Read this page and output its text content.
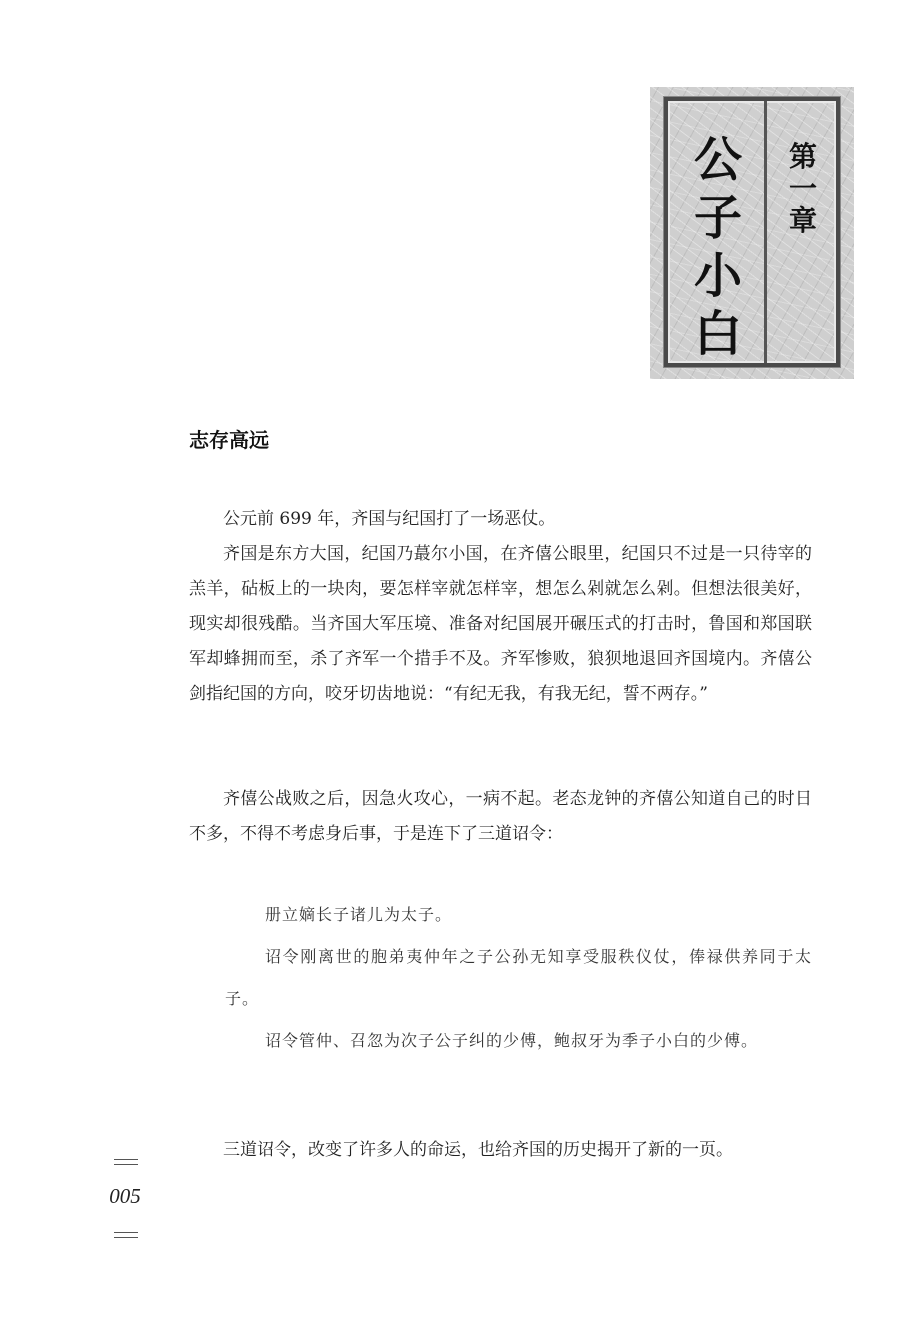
公子小白
第一章
志存高远

公元前 699 年，齐国与纪国打了一场恶仗。

齐国是东方大国，纪国乃蕞尔小国，在齐僖公眼里，纪国只不过是一只待宰的羔羊，砧板上的一块肉，要怎样宰就怎样宰，想怎么剁就怎么剁。但想法很美好，现实却很残酷。当齐国大军压境、准备对纪国展开碾压式的打击时，鲁国和郑国联军却蜂拥而至，杀了齐军一个措手不及。齐军惨败，狼狈地退回齐国境内。齐僖公剑指纪国的方向，咬牙切齿地说：“有纪无我，有我无纪，誓不两存。”

齐僖公战败之后，因急火攻心，一病不起。老态龙钟的齐僖公知道自己的时日不多，不得不考虑身后事，于是连下了三道诏令：

册立嫡长子诸儿为太子。

诏令刚离世的胞弟夷仲年之子公孙无知享受服秩仪仗，俸禄供养同于太子。

诏令管仲、召忽为次子公子纠的少傅，鲍叔牙为季子小白的少傅。

三道诏令，改变了许多人的命运，也给齐国的历史揭开了新的一页。

005
